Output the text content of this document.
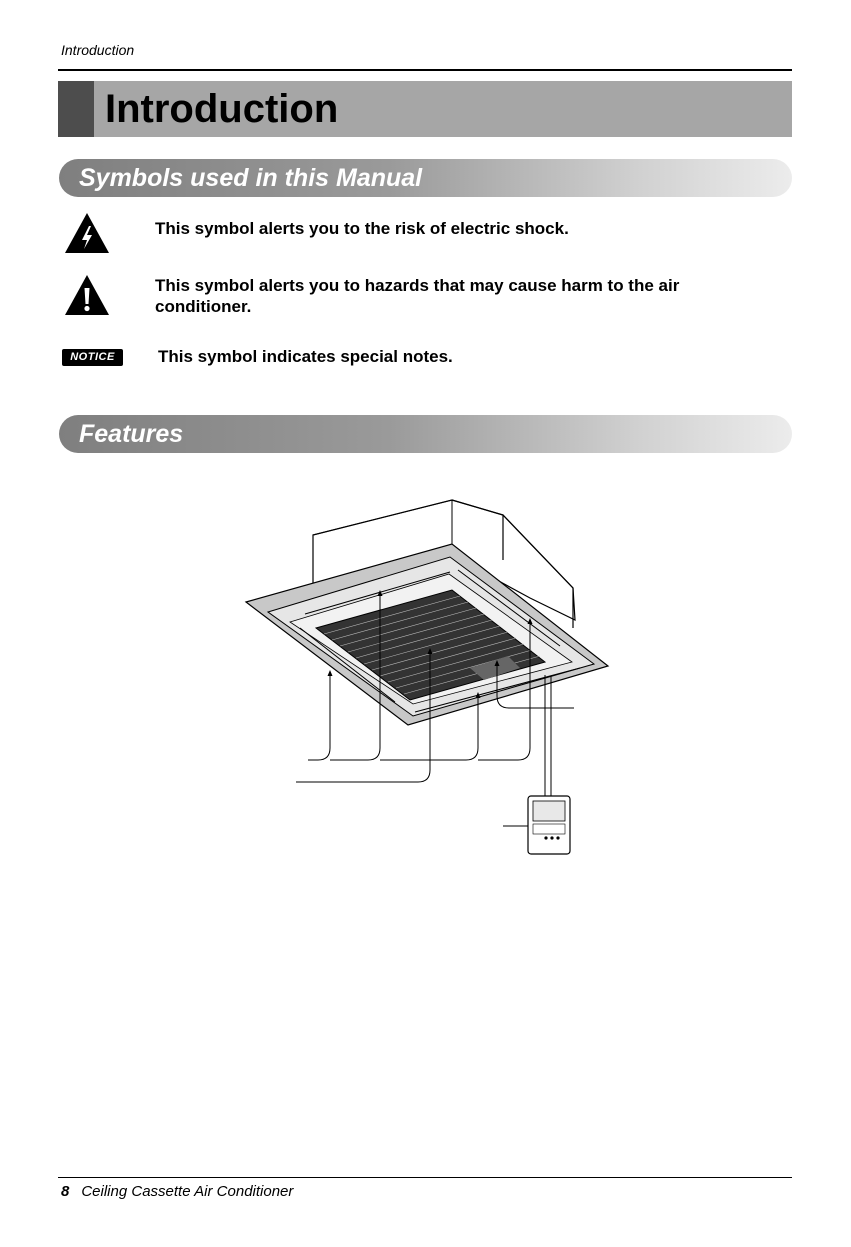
Introduction
Introduction
Symbols used in this Manual
NOTICE
This symbol alerts you to the risk of electric shock.
This symbol alerts you to hazards that may cause harm to the air conditioner.
This symbol indicates special notes.
Features
8 Ceiling Cassette Air Conditioner
